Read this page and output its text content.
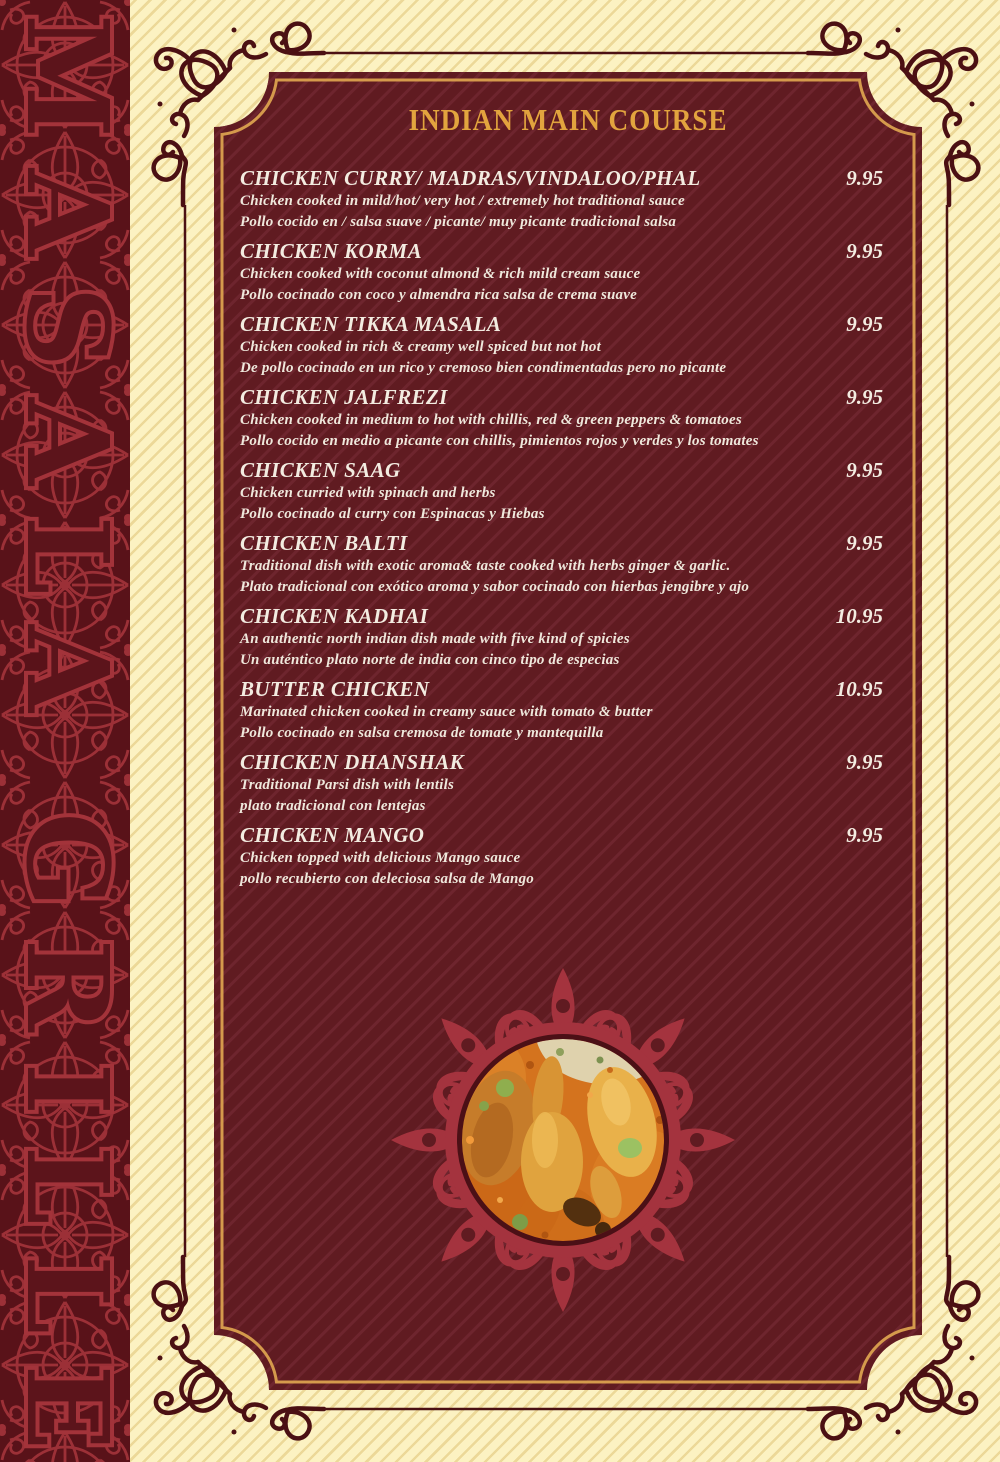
MASALA GRILLE
INDIAN MAIN COURSE
CHICKEN CURRY/ MADRAS/VINDALOO/PHAL	9.95
Chicken cooked in mild/hot/ very hot / extremely hot traditional sauce
Pollo cocido en / salsa suave / picante/ muy picante tradicional salsa
CHICKEN KORMA	9.95
Chicken cooked with coconut almond & rich mild cream sauce
Pollo cocinado con coco y almendra rica salsa de crema suave
CHICKEN TIKKA MASALA	9.95
Chicken cooked in rich & creamy well spiced but not hot
De pollo cocinado en un rico y cremoso bien condimentadas pero no picante
CHICKEN JALFREZI	9.95
Chicken cooked in medium to hot with chillis, red & green peppers & tomatoes
Pollo cocido en medio a picante con chillis, pimientos rojos y verdes y los tomates
CHICKEN SAAG	9.95
Chicken curried with spinach and herbs
Pollo cocinado al curry con Espinacas y Hiebas
CHICKEN BALTI	9.95
Traditional dish with exotic aroma& taste cooked with herbs ginger & garlic.
Plato tradicional con exótico aroma y sabor cocinado con hierbas jengibre y ajo
CHICKEN KADHAI	10.95
An authentic north indian dish made with five kind of spicies
Un auténtico plato norte de india con cinco tipo de especias
BUTTER CHICKEN	10.95
Marinated chicken cooked in creamy sauce with tomato & butter
Pollo cocinado en salsa cremosa de tomate y mantequilla
CHICKEN DHANSHAK	9.95
Traditional Parsi dish with lentils
plato tradicional con lentejas
CHICKEN MANGO	9.95
Chicken topped with delicious Mango sauce
pollo recubierto con deleciosa salsa de Mango
